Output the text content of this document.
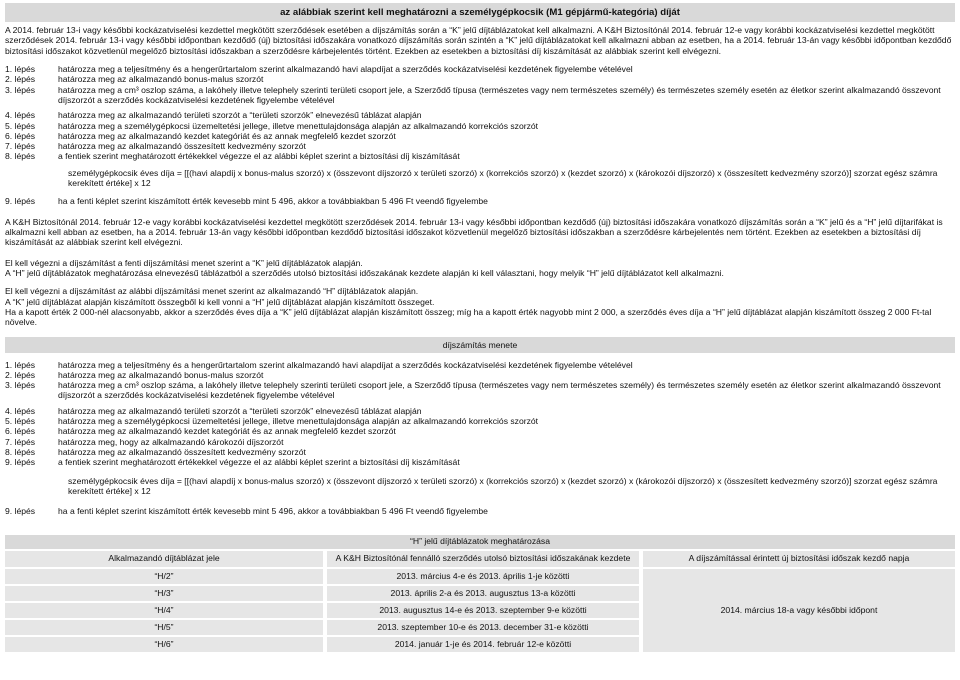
az alábbiak szerint kell meghatározni a személygépkocsik (M1 gépjármű-kategória) díját

A 2014. február 13-i vagy későbbi kockázatviselési kezdettel megkötött szerződések esetében a díjszámítás során a “K” jelű díjtáblázatokat kell alkalmazni. A K&H Biztosítónál 2014. február 12-e vagy korábbi kockázatviselési kezdettel megkötött szerződések 2014. február 13-i vagy későbbi időpontban kezdődő (új) biztosítási időszakára vonatkozó díjszámítás során szintén a “K” jelű díjtáblázatokat kell alkalmazni abban az esetben, ha a 2014. február 13-án vagy későbbi időpontban kezdődő biztosítási időszakot közvetlenül megelőző biztosítási időszakban a szerződésre kárbejelentés történt. Ezekben az esetekben a biztosítási díj kiszámítását az alábbiak szerint kell elvégezni.

1. lépés	határozza meg a teljesítmény és a hengerűrtartalom szerint alkalmazandó havi alapdíjat a szerződés kockázatviselési kezdetének figyelembe vételével
2. lépés	határozza meg az alkalmazandó bonus-malus szorzót
3. lépés	határozza meg a cm³ oszlop száma, a lakóhely illetve telephely szerinti területi csoport jele, a Szerződő típusa (természetes vagy nem természetes személy) és természetes személy esetén az életkor szerint alkalmazandó összevont díjszorzót a szerződés kockázatviselési kezdetének figyelembe vételével
4. lépés	határozza meg az alkalmazandó területi szorzót a “területi szorzók” elnevezésű táblázat alapján
5. lépés	határozza meg a személygépkocsi üzemeltetési jellege, illetve menettulajdonsága alapján az alkalmazandó korrekciós szorzót
6. lépés	határozza meg az alkalmazandó kezdet kategóriát és az annak megfelelő kezdet szorzót
7. lépés	határozza meg az alkalmazandó összesített kedvezmény szorzót
8. lépés	a fentiek szerint meghatározott értékekkel végezze el az alábbi képlet szerint a biztosítási díj kiszámítását
személygépkocsik éves díja = [[(havi alapdíj x bonus-malus szorzó) x (összevont díjszorzó x területi szorzó) x (korrekciós szorzó) x (kezdet szorzó) x (károkozói díjszorzó) x (összesített kedvezmény szorzó)] szorzat egész számra kerekített értéke] x 12
9. lépés	ha a fenti képlet szerint kiszámított érték kevesebb mint 5 496, akkor a továbbiakban 5 496 Ft veendő figyelembe

A K&H Biztosítónál 2014. február 12-e vagy korábbi kockázatviselési kezdettel megkötött szerződések 2014. február 13-i vagy későbbi időpontban kezdődő (új) biztosítási időszakára vonatkozó díjszámítás során a “K” jelű és a “H” jelű díjtarifákat is alkalmazni kell abban az esetben, ha a 2014. február 13-án vagy későbbi időpontban kezdődő biztosítási időszakot közvetlenül megelőző biztosítási időszakban a szerződésre kárbejelentés nem történt. Ezekben az esetekben a biztosítási díj kiszámítását az alábbiak szerint kell elvégezni.

El kell végezni a díjszámítást a fenti díjszámítási menet szerint a “K” jelű díjtáblázatok alapján.
A “H” jelű díjtáblázatok meghatározása elnevezésű táblázatból a szerződés utolsó biztosítási időszakának kezdete alapján ki kell választani, hogy melyik “H” jelű díjtáblázatot kell alkalmazni.

El kell végezni a díjszámítást az alábbi díjszámítási menet szerint az alkalmazandó “H” díjtáblázatok alapján.
A “K” jelű díjtáblázat alapján kiszámított összegből ki kell vonni a “H” jelű díjtáblázat alapján kiszámított összeget.
Ha a kapott érték 2 000-nél alacsonyabb, akkor a szerződés éves díja a “K” jelű díjtáblázat alapján kiszámított összeg; míg ha a kapott érték nagyobb mint 2 000, a szerződés éves díja a “H” jelű díjtáblázat alapján kiszámított összeg 2 000 Ft-tal növelve.

díjszámítás menete
1. lépés	határozza meg a teljesítmény és a hengerűrtartalom szerint alkalmazandó havi alapdíjat a szerződés kockázatviselési kezdetének figyelembe vételével
2. lépés	határozza meg az alkalmazandó bonus-malus szorzót
3. lépés	határozza meg a cm³ oszlop száma, a lakóhely illetve telephely szerinti területi csoport jele, a Szerződő típusa (természetes vagy nem természetes személy) és természetes személy esetén az életkor szerint alkalmazandó összevont díjszorzót a szerződés kockázatviselési kezdetének figyelembe vételével
4. lépés	határozza meg az alkalmazandó területi szorzót a “területi szorzók” elnevezésű táblázat alapján
5. lépés	határozza meg a személygépkocsi üzemeltetési jellege, illetve menettulajdonsága alapján az alkalmazandó korrekciós szorzót
6. lépés	határozza meg az alkalmazandó kezdet kategóriát és az annak megfelelő kezdet szorzót
7. lépés	határozza meg, hogy az alkalmazandó károkozói díjszorzót
8. lépés	határozza meg az alkalmazandó összesített kedvezmény szorzót
9. lépés	a fentiek szerint meghatározott értékekkel végezze el az alábbi képlet szerint a biztosítási díj kiszámítását
személygépkocsik éves díja = [[(havi alapdíj x bonus-malus szorzó) x (összevont díjszorzó x területi szorzó) x (korrekciós szorzó) x (kezdet szorzó) x (károkozói díjszorzó) x (összesített kedvezmény szorzó)] szorzat egész számra kerekített értéke] x 12
9. lépés	ha a fenti képlet szerint kiszámított érték kevesebb mint 5 496, akkor a továbbiakban 5 496 Ft veendő figyelembe
“H” jelű díjtáblázatok meghatározása				
Alkalmazandó díjtáblázat jele		A K&H Biztosítónál fennálló szerződés utolsó biztosítási időszakának kezdete		A díjszámítással érintett új biztosítási időszak kezdő napja
“H/2”		2013. március 4-e és 2013. április 1-je közötti		2014. március 18-a vagy későbbi időpont
“H/3”		2013. április 2-a és 2013. augusztus 13-a közötti		
“H/4”		2013. augusztus 14-e és 2013. szeptember 9-e közötti		
“H/5”		2013. szeptember 10-e és 2013. december 31-e közötti		
“H/6”		2014. január 1-je és 2014. február 12-e közötti		
